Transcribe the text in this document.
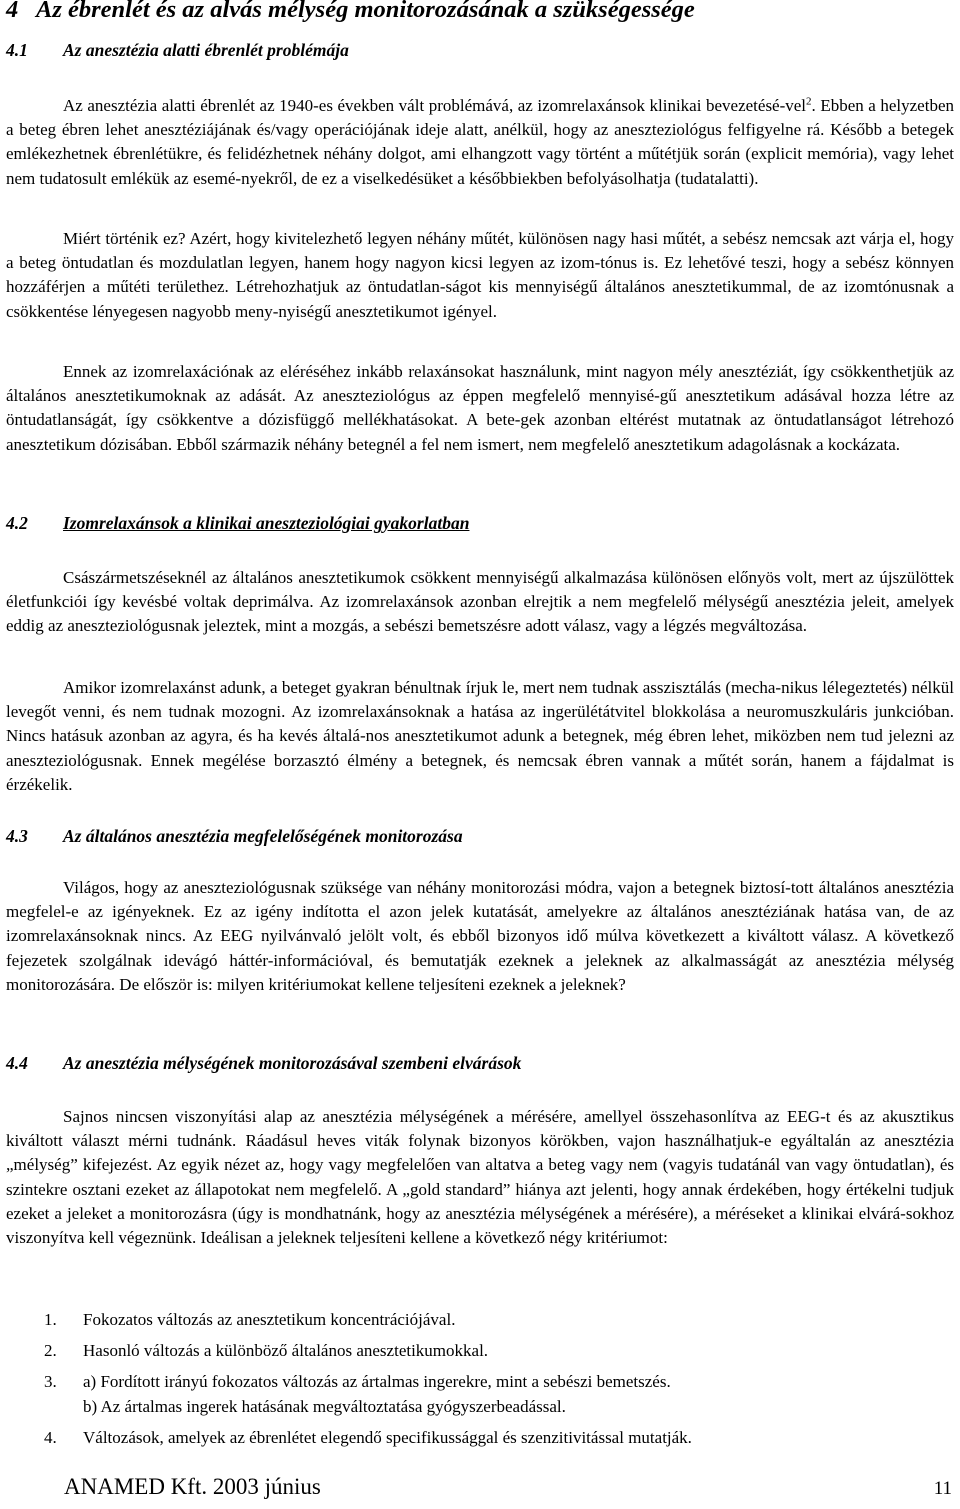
4 Az ébrenlét és az alvás mélység monitorozásának a szükségessége
4.1 Az anesztézia alatti ébrenlét problémája

Az anesztézia alatti ébrenlét az 1940-es években vált problémává, az izomrelaxánsok klinikai bevezetésé-vel$^2$. Ebben a helyzetben a beteg ébren lehet anesztéziájának és/vagy operációjának ideje alatt, anélkül, hogy az aneszteziológus felfigyelne rá. Később a betegek emlékezhetnek ébrenlétükre, és felidézhetnek néhány dolgot, ami elhangzott vagy történt a műtétjük során (explicit memória), vagy lehet nem tudatosult emlékük az esemé-nyekről, de ez a viselkedésüket a későbbiekben befolyásolhatja (tudatalatti).

Miért történik ez? Azért, hogy kivitelezhető legyen néhány műtét, különösen nagy hasi műtét, a sebész nemcsak azt várja el, hogy a beteg öntudatlan és mozdulatlan legyen, hanem hogy nagyon kicsi legyen az izom-tónus is. Ez lehetővé teszi, hogy a sebész könnyen hozzáférjen a műtéti területhez. Létrehozhatjuk az öntudatlan-ságot kis mennyiségű általános anesztetikummal, de az izomtónusnak a csökkentése lényegesen nagyobb meny-nyiségű anesztetikumot igényel.

Ennek az izomrelaxációnak az eléréséhez inkább relaxánsokat használunk, mint nagyon mély anesztéziát, így csökkenthetjük az általános anesztetikumoknak az adását. Az aneszteziológus az éppen megfelelő mennyisé-gű anesztetikum adásával hozza létre az öntudatlanságát, így csökkentve a dózisfüggő mellékhatásokat. A bete-gek azonban eltérést mutatnak az öntudatlanságot létrehozó anesztetikum dózisában. Ebből származik néhány betegnél a fel nem ismert, nem megfelelő anesztetikum adagolásnak a kockázata.

4.2 Izomrelaxánsok a klinikai aneszteziológiai gyakorlatban

Császármetszéseknél az általános anesztetikumok csökkent mennyiségű alkalmazása különösen előnyös volt, mert az újszülöttek életfunkciói így kevésbé voltak deprimálva. Az izomrelaxánsok azonban elrejtik a nem megfelelő mélységű anesztézia jeleit, amelyek eddig az aneszteziológusnak jeleztek, mint a mozgás, a sebészi bemetszésre adott válasz, vagy a légzés megváltozása.

Amikor izomrelaxánst adunk, a beteget gyakran bénultnak írjuk le, mert nem tudnak asszisztálás (mecha-nikus lélegeztetés) nélkül levegőt venni, és nem tudnak mozogni. Az izomrelaxánsoknak a hatása az ingerülétátvitel blokkolása a neuromuszkuláris junkcióban. Nincs hatásuk azonban az agyra, és ha kevés általá-nos anesztetikumot adunk a betegnek, még ébren lehet, miközben nem tud jelezni az aneszteziológusnak. Ennek megélése borzasztó élmény a betegnek, és nemcsak ébren vannak a műtét során, hanem a fájdalmat is érzékelik.

4.3 Az általános anesztézia megfelelőségének monitorozása

Világos, hogy az aneszteziológusnak szüksége van néhány monitorozási módra, vajon a betegnek biztosí-tott általános anesztézia megfelel-e az igényeknek. Ez az igény indította el azon jelek kutatását, amelyekre az általános anesztéziának hatása van, de az izomrelaxánsoknak nincs. Az EEG nyilvánvaló jelölt volt, és ebből bizonyos idő múlva következett a kiváltott válasz. A következő fejezetek szolgálnak idevágó háttér-információval, és bemutatják ezeknek a jeleknek az alkalmasságát az anesztézia mélység monitorozására. De először is: milyen kritériumokat kellene teljesíteni ezeknek a jeleknek?

4.4 Az anesztézia mélységének monitorozásával szembeni elvárások

Sajnos nincsen viszonyítási alap az anesztézia mélységének a mérésére, amellyel összehasonlítva az EEG-t és az akusztikus kiváltott választ mérni tudnánk. Ráadásul heves viták folynak bizonyos körökben, vajon használhatjuk-e egyáltalán az anesztézia „mélység” kifejezést. Az egyik nézet az, hogy vagy megfelelően van altatva a beteg vagy nem (vagyis tudatánál van vagy öntudatlan), és szintekre osztani ezeket az állapotokat nem megfelelő. A „gold standard” hiánya azt jelenti, hogy annak érdekében, hogy értékelni tudjuk ezeket a jeleket a monitorozásra (úgy is mondhatnánk, hogy az anesztézia mélységének a mérésére), a méréseket a klinikai elvárá-sokhoz viszonyítva kell végeznünk. Ideálisan a jeleknek teljesíteni kellene a következő négy kritériumot:

1. Fokozatos változás az anesztetikum koncentrációjával.
2. Hasonló változás a különböző általános anesztetikumokkal.
3. a) Fordított irányú fokozatos változás az ártalmas ingerekre, mint a sebészi bemetszés.
b) Az ártalmas ingerek hatásának megváltoztatása gyógyszerbeadással.
4. Változások, amelyek az ébrenlétet elegendő specifikussággal és szenzitivitással mutatják.
ANAMED Kft. 2003 június	11
